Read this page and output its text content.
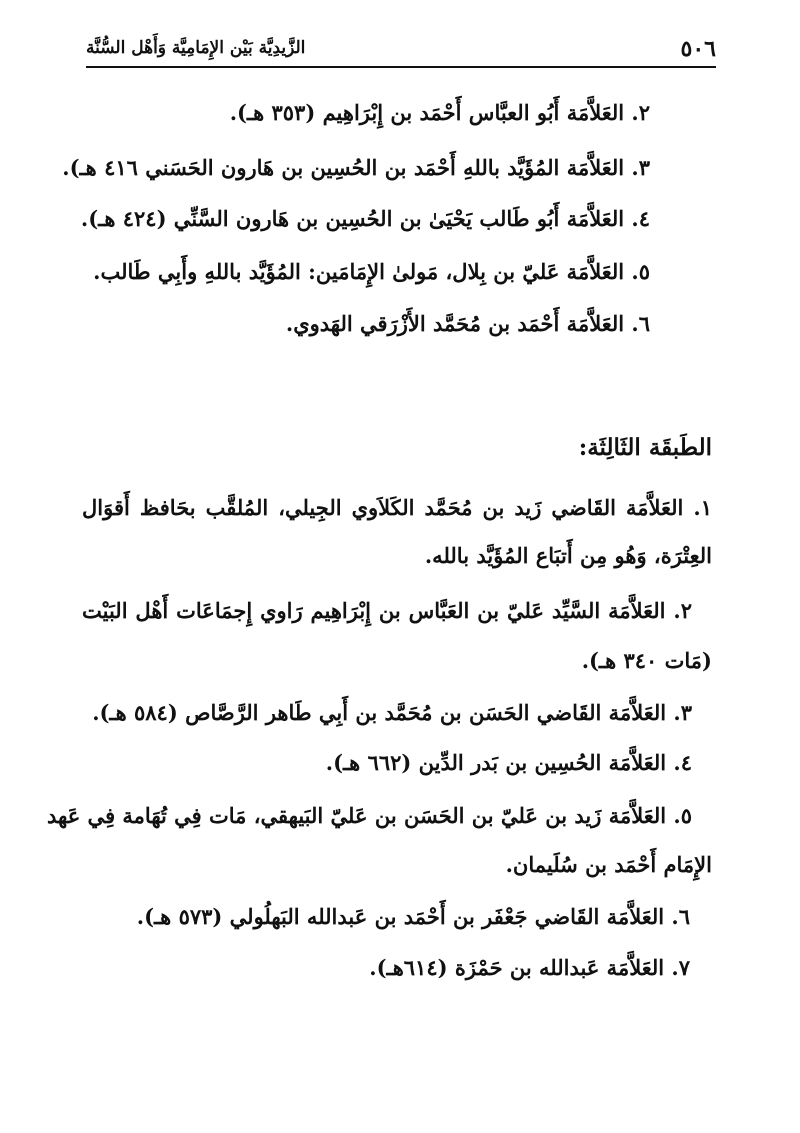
٥٠٦
الزَّيدِيَّة بَيْن الإِمَامِيَّة وَأَهْل السُّنَّة
٢. العَلاَّمَة أَبُو العبَّاس أَحْمَد بن إِبْرَاهِيم (٣٥٣ هـ).
٣. العَلاَّمَة المُؤَيَّد باللهِ أَحْمَد بن الحُسِين بن هَارون الحَسَني ٤١٦ هـ).
٤. العَلاَّمَة أَبُو طَالب يَحْيَىٰ بن الحُسِين بن هَارون السَّنِّي (٤٢٤ هـ).
٥. العَلاَّمَة عَليّ بن بِلال، مَولىٰ الإِمَامَين: المُؤَيَّد باللهِ وأَبِي طَالب.
٦. العَلاَّمَة أَحْمَد بن مُحَمَّد الأَزْرَقي الهَدوي.
الطَبقَة الثَالِثَة:
١. العَلاَّمَة القَاضي زَيد بن مُحَمَّد الكَلاَوي الجِيلي، المُلقَّب بحَافظ أَقوَال
العِتْرَة، وَهُو مِن أَتبَاع المُؤَيَّد بالله.
٢. العَلاَّمَة السَّيِّد عَليّ بن العَبَّاس بن إِبْرَاهِيم رَاوي إِجمَاعَات أَهْل البَيْت
(مَات ٣٤٠ هـ).
٣. العَلاَّمَة القَاضي الحَسَن بن مُحَمَّد بن أَبِي طَاهر الرَّصَّاص (٥٨٤ هـ).
٤. العَلاَّمَة الحُسِين بن بَدر الدِّين (٦٦٢ هـ).
٥. العَلاَّمَة زَيد بن عَليّ بن الحَسَن بن عَليّ البَيهقي، مَات فِي تُهَامة فِي عَهد
الإِمَام أَحْمَد بن سُلَيمان.
٦. العَلاَّمَة القَاضي جَعْفَر بن أَحْمَد بن عَبدالله البَهلُولي (٥٧٣ هـ).
٧. العَلاَّمَة عَبدالله بن حَمْزَة (٦١٤هـ).
